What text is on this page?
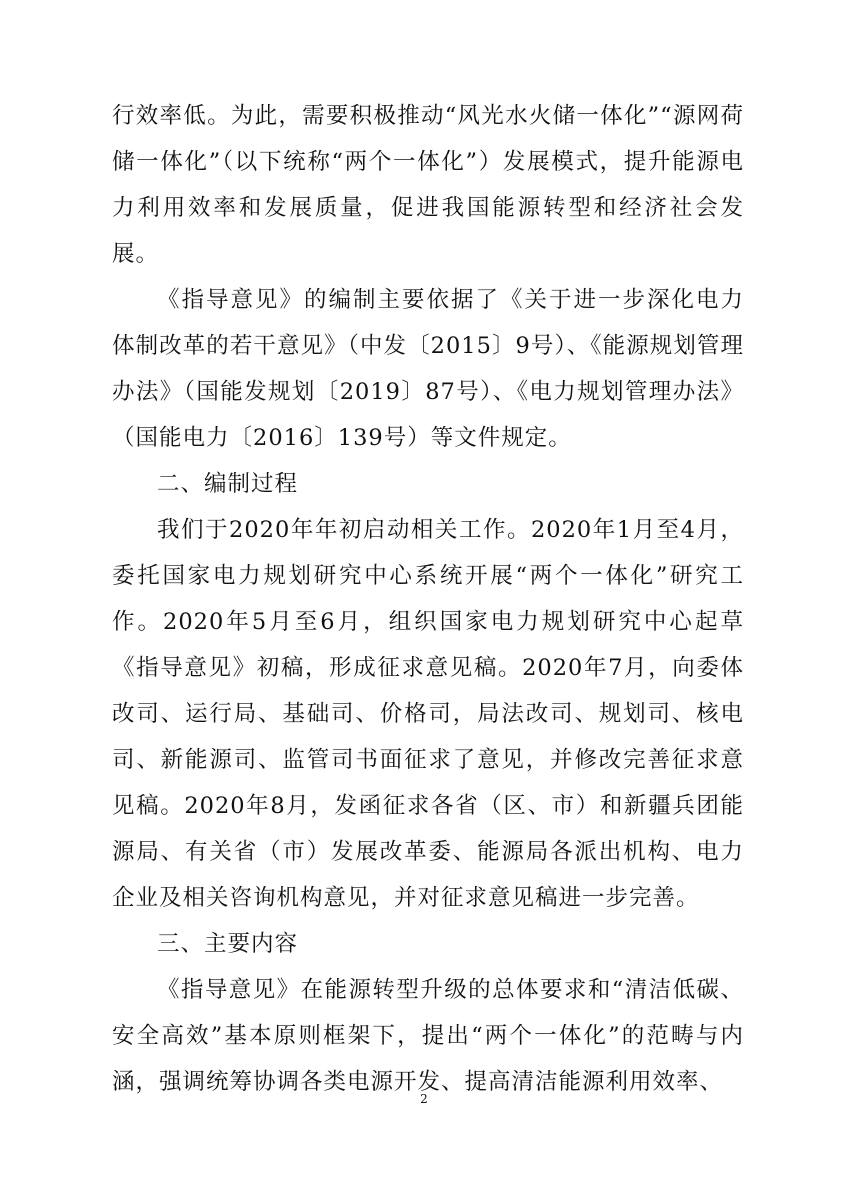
行效率低。为此，需要积极推动“风光水火储一体化”“源网荷储一体化”（以下统称“两个一体化”）发展模式，提升能源电力利用效率和发展质量，促进我国能源转型和经济社会发展。

《指导意见》的编制主要依据了《关于进一步深化电力体制改革的若干意见》（中发〔2015〕9号）、《能源规划管理办法》（国能发规划〔2019〕87号）、《电力规划管理办法》（国能电力〔2016〕139号）等文件规定。

二、编制过程

我们于2020年年初启动相关工作。2020年1月至4月，委托国家电力规划研究中心系统开展“两个一体化”研究工作。2020年5月至6月，组织国家电力规划研究中心起草《指导意见》初稿，形成征求意见稿。2020年7月，向委体改司、运行局、基础司、价格司，局法改司、规划司、核电司、新能源司、监管司书面征求了意见，并修改完善征求意见稿。2020年8月，发函征求各省（区、市）和新疆兵团能源局、有关省（市）发展改革委、能源局各派出机构、电力企业及相关咨询机构意见，并对征求意见稿进一步完善。

三、主要内容

《指导意见》在能源转型升级的总体要求和“清洁低碳、安全高效”基本原则框架下，提出“两个一体化”的范畴与内涵，强调统筹协调各类电源开发、提高清洁能源利用效率、

2
